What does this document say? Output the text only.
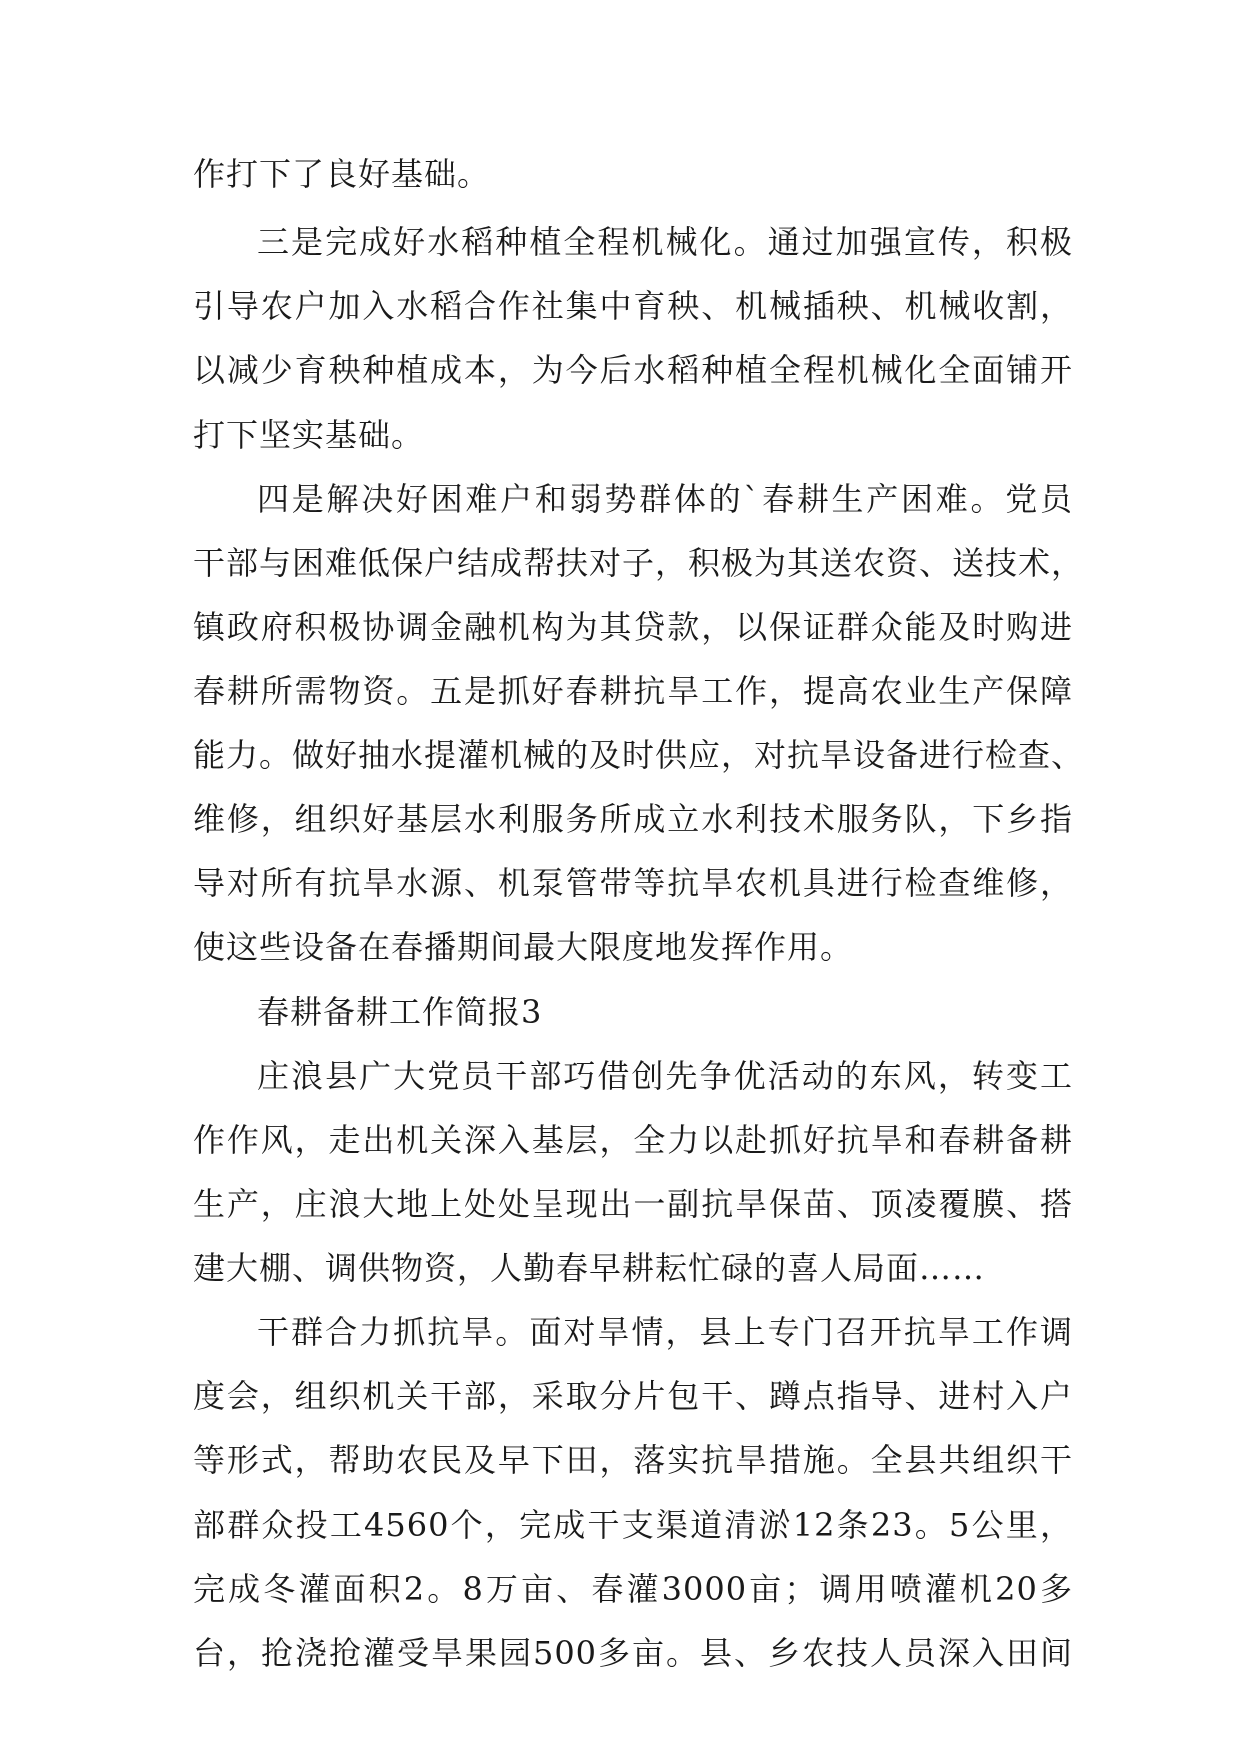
作打下了良好基础。
三是完成好水稻种植全程机械化。通过加强宣传，积极
引导农户加入水稻合作社集中育秧、机械插秧、机械收割，
以减少育秧种植成本，为今后水稻种植全程机械化全面铺开
打下坚实基础。
四是解决好困难户和弱势群体的`春耕生产困难。党员
干部与困难低保户结成帮扶对子，积极为其送农资、送技术，
镇政府积极协调金融机构为其贷款，以保证群众能及时购进
春耕所需物资。五是抓好春耕抗旱工作，提高农业生产保障
能力。做好抽水提灌机械的及时供应，对抗旱设备进行检查、
维修，组织好基层水利服务所成立水利技术服务队，下乡指
导对所有抗旱水源、机泵管带等抗旱农机具进行检查维修，
使这些设备在春播期间最大限度地发挥作用。
春耕备耕工作简报3
庄浪县广大党员干部巧借创先争优活动的东风，转变工
作作风，走出机关深入基层，全力以赴抓好抗旱和春耕备耕
生产，庄浪大地上处处呈现出一副抗旱保苗、顶凌覆膜、搭
建大棚、调供物资，人勤春早耕耘忙碌的喜人局面……
干群合力抓抗旱。面对旱情，县上专门召开抗旱工作调
度会，组织机关干部，采取分片包干、蹲点指导、进村入户
等形式，帮助农民及早下田，落实抗旱措施。全县共组织干
部群众投工4560个，完成干支渠道清淤12条23。5公里，
完成冬灌面积2。8万亩、春灌3000亩；调用喷灌机20多
台，抢浇抢灌受旱果园500多亩。县、乡农技人员深入田间
